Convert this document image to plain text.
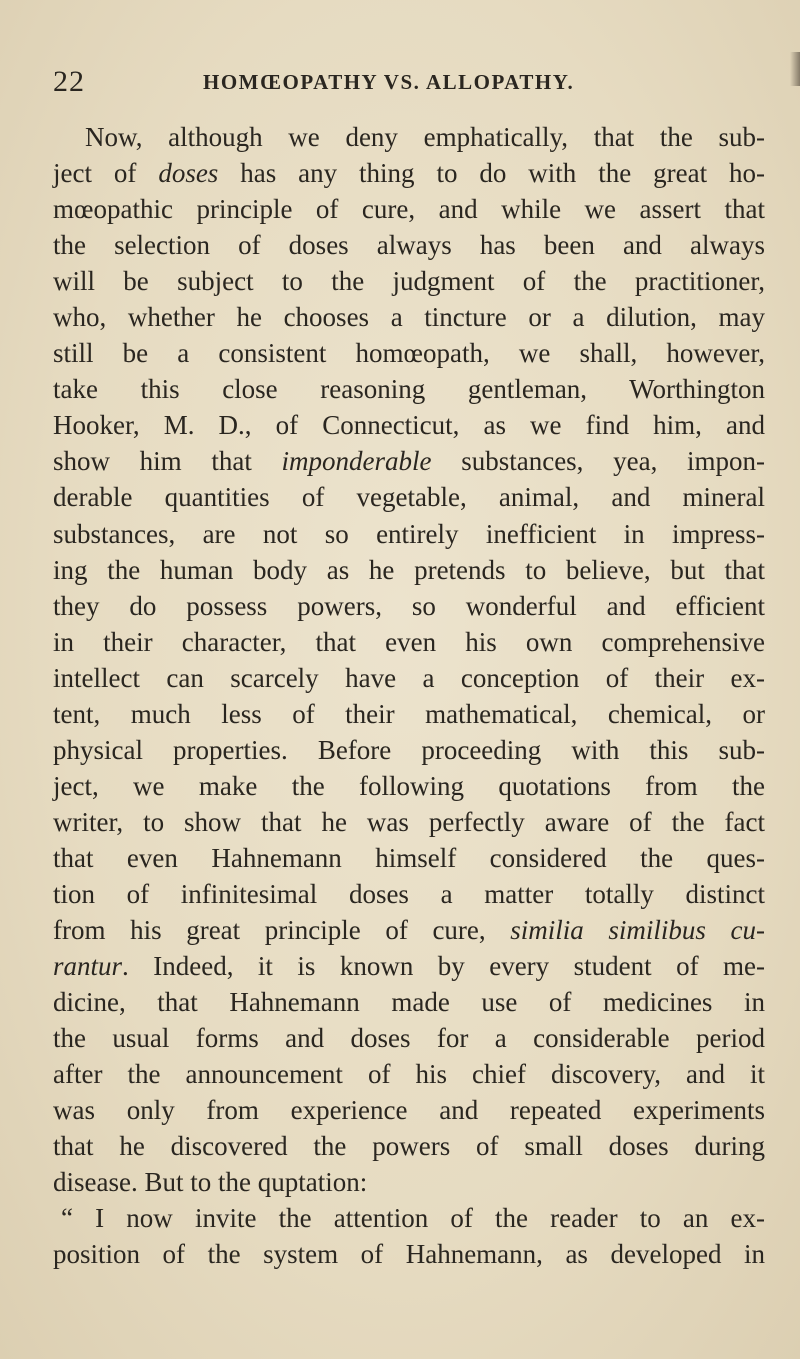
22	HOMŒOPATHY VS. ALLOPATHY.
Now, although we deny emphatically, that the sub-
ject of doses has any thing to do with the great ho-
mœopathic principle of cure, and while we assert that
the selection of doses always has been and always
will be subject to the judgment of the practitioner,
who, whether he chooses a tincture or a dilution, may
still be a consistent homœopath, we shall, however,
take this close reasoning gentleman, Worthington
Hooker, M. D., of Connecticut, as we find him, and
show him that imponderable substances, yea, impon-
derable quantities of vegetable, animal, and mineral
substances, are not so entirely inefficient in impress-
ing the human body as he pretends to believe, but that
they do possess powers, so wonderful and efficient
in their character, that even his own comprehensive
intellect can scarcely have a conception of their ex-
tent, much less of their mathematical, chemical, or
physical properties. Before proceeding with this sub-
ject, we make the following quotations from the
writer, to show that he was perfectly aware of the fact
that even Hahnemann himself considered the ques-
tion of infinitesimal doses a matter totally distinct
from his great principle of cure, similia similibus cu-
rantur. Indeed, it is known by every student of me-
dicine, that Hahnemann made use of medicines in
the usual forms and doses for a considerable period
after the announcement of his chief discovery, and it
was only from experience and repeated experiments
that he discovered the powers of small doses during
disease. But to the quptation:
“ I now invite the attention of the reader to an ex-
position of the system of Hahnemann, as developed in
